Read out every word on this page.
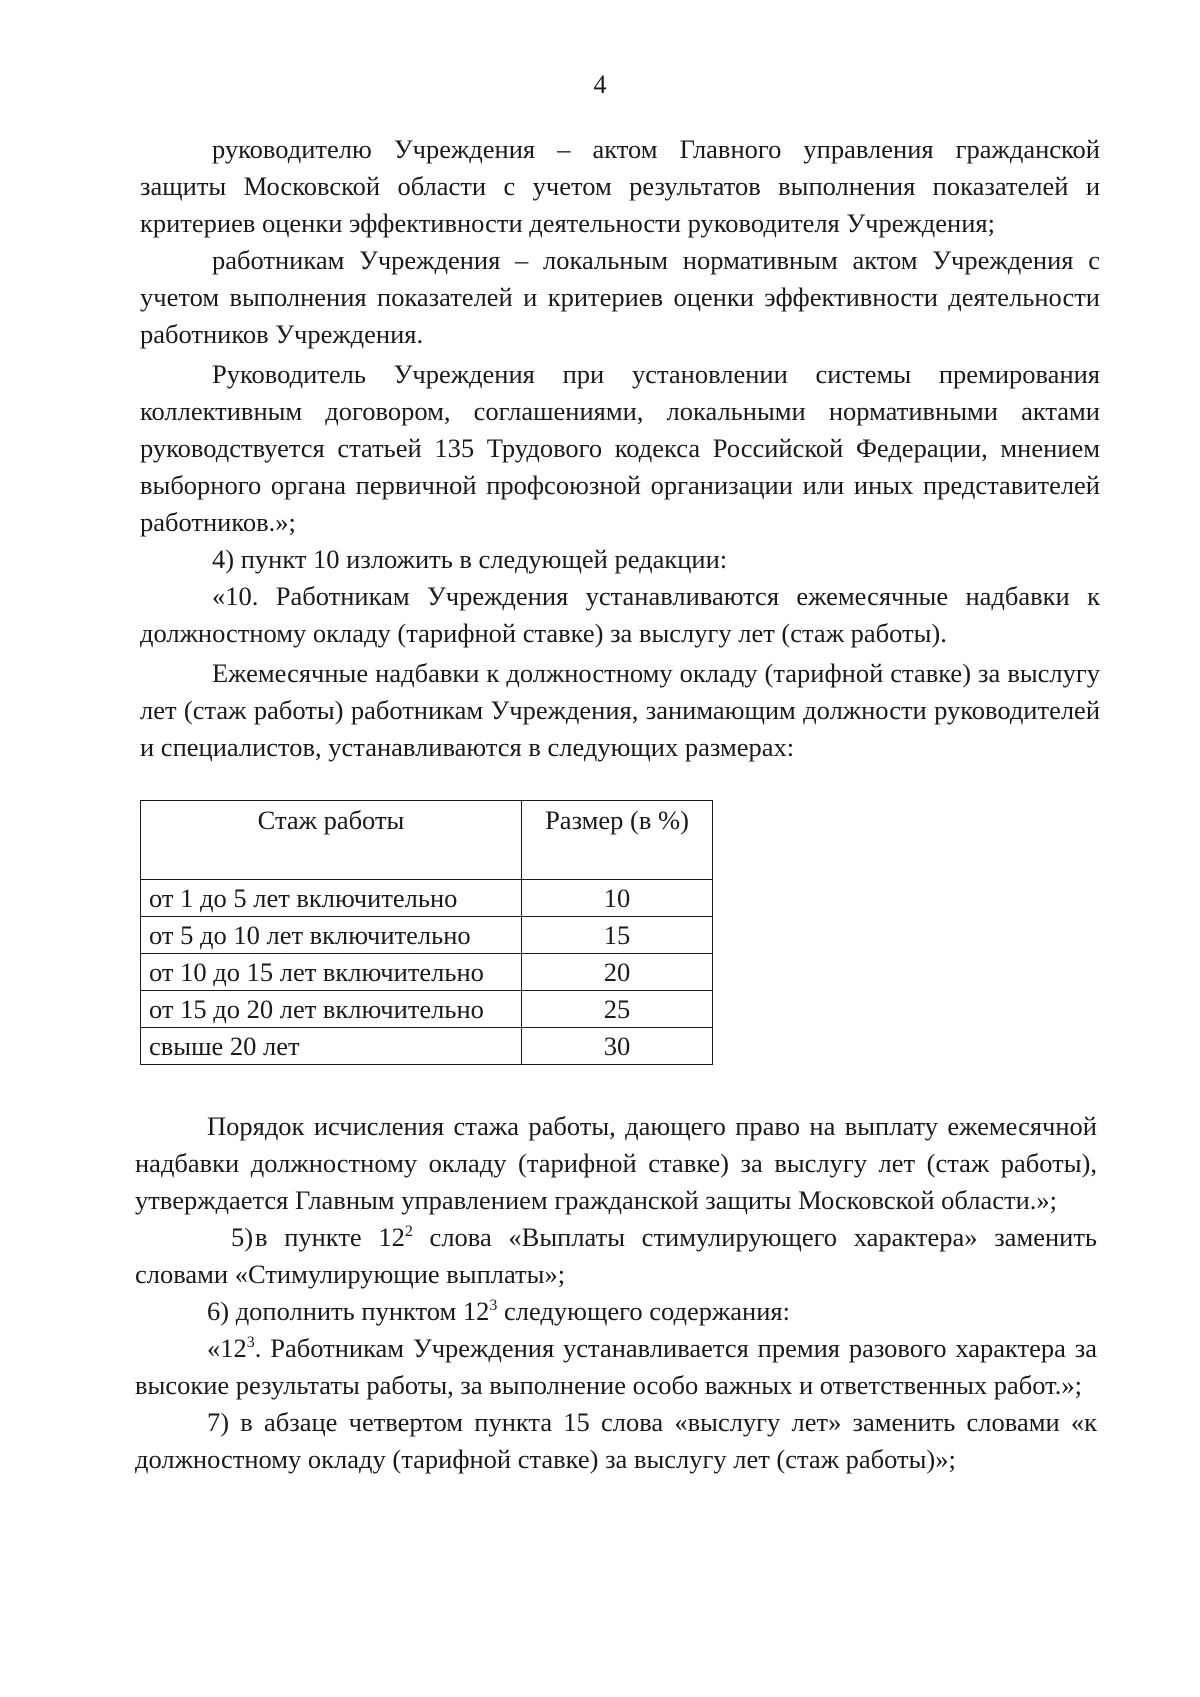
4

руководителю Учреждения – актом Главного управления гражданской защиты Московской области с учетом результатов выполнения показателей и критериев оценки эффективности деятельности руководителя Учреждения;

работникам Учреждения – локальным нормативным актом Учреждения с учетом выполнения показателей и критериев оценки эффективности деятельности работников Учреждения.

Руководитель Учреждения при установлении системы премирования коллективным договором, соглашениями, локальными нормативными актами руководствуется статьей 135 Трудового кодекса Российской Федерации, мнением выборного органа первичной профсоюзной организации или иных представителей работников.»;

4) пункт 10 изложить в следующей редакции:

«10. Работникам Учреждения устанавливаются ежемесячные надбавки к должностному окладу (тарифной ставке) за выслугу лет (стаж работы).

Ежемесячные надбавки к должностному окладу (тарифной ставке) за выслугу лет (стаж работы) работникам Учреждения, занимающим должности руководителей и специалистов, устанавливаются в следующих размерах:

Стаж работы	Размер (в %)
от 1 до 5 лет включительно	10
от 5 до 10 лет включительно	15
от 10 до 15 лет включительно	20
от 15 до 20 лет включительно	25
свыше 20 лет	30

Порядок исчисления стажа работы, дающего право на выплату ежемесячной надбавки должностному окладу (тарифной ставке) за выслугу лет (стаж работы), утверждается Главным управлением гражданской защиты Московской области.»;

5)в пункте $12^2$ слова «Выплаты стимулирующего характера» заменить словами «Стимулирующие выплаты»;

6) дополнить пунктом $12^3$ следующего содержания:

«$12^3$. Работникам Учреждения устанавливается премия разового характера за высокие результаты работы, за выполнение особо важных и ответственных работ.»;

7) в абзаце четвертом пункта 15 слова «выслугу лет» заменить словами «к должностному окладу (тарифной ставке) за выслугу лет (стаж работы)»;
